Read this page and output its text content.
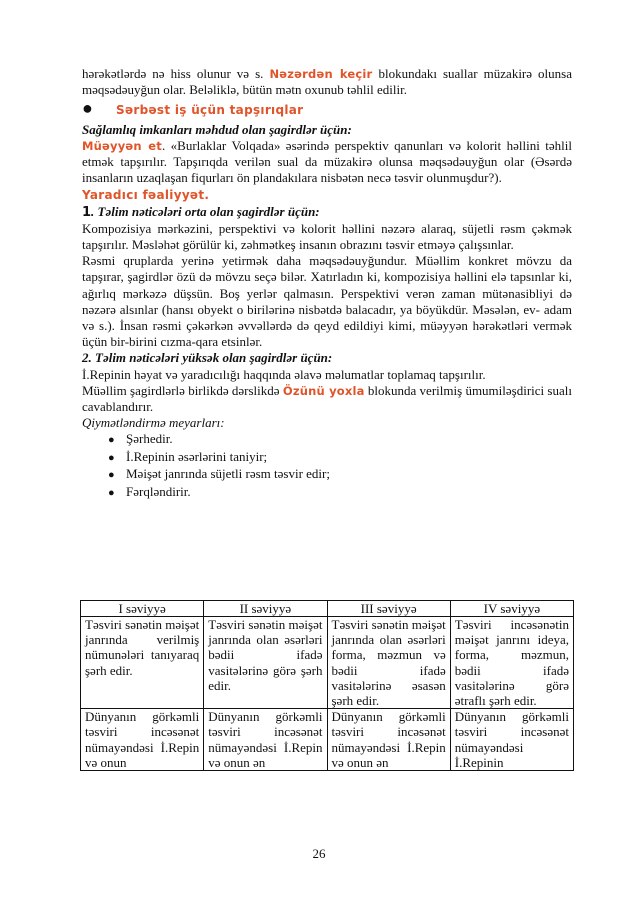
hərəkətlərdə nə hiss olunur və s. Nəzərdən keçir blokundakı suallar müzakirə olunsa məqsədəuyğun olar. Beləliklə, bütün mətn oxunub təhlil edilir.

●	Sərbəst iş üçün tapşırıqlar

Sağlamlıq imkanları məhdud olan şagirdlər üçün:

Müəyyən et. «Burlaklar Volqada» əsərində perspektiv qanunları və kolorit həllini təhlil etmək tapşırılır. Tapşırıqda verilən sual da müzakirə olunsa məqsədəuyğun olar (Əsərdə insanların uzaqlaşan fiqurları ön plandakılara nisbətən necə təsvir olunmuşdur?).

Yaradıcı fəaliyyət.

1. Təlim nəticələri orta olan şagirdlər üçün:

Kompozisiya mərkəzini, perspektivi və kolorit həllini nəzərə alaraq, süjetli rəsm çəkmək tapşırılır. Məsləhət görülür ki, zəhmətkeş insanın obrazını təsvir etməyə çalışsınlar.

Rəsmi qruplarda yerinə yetirmək daha məqsədəuyğundur. Müəllim konkret mövzu da tapşırar, şagirdlər özü də mövzu seçə bilər. Xatırladın ki, kompozisiya həllini elə tapsınlar ki, ağırlıq mərkəzə düşsün. Boş yerlər qalmasın. Perspektivi verən zaman mütənasibliyi də nəzərə alsınlar (hansı obyekt o birilərinə nisbətdə balacadır, ya böyükdür. Məsələn, ev- adam və s.). İnsan rəsmi çəkərkən əvvəllərdə də qeyd edildiyi kimi, müəyyən hərəkətləri vermək üçün bir-birini cızma-qara etsinlər.

2. Təlim nəticələri yüksək olan şagirdlər üçün:

İ.Repinin həyat və yaradıcılığı haqqında əlavə məlumatlar toplamaq tapşırılır.

Müəllim şagirdlərlə birlikdə dərslikdə Özünü yoxla blokunda verilmiş ümumiləşdirici sualı cavablandırır.

Qiymətləndirmə meyarları:

● Şərhedir.
● İ.Repinin əsərlərini taniyir;
● Məişət janrında süjetli rəsm təsvir edir;
● Fərqləndirir.
I səviyyə	II səviyyə	III səviyyə	IV səviyyə
Təsviri sənətin məişət janrında verilmiş nümunələri tanıyaraq şərh edir.	Təsviri sənətin məişət janrında olan əsərləri bədii ifadə vasitələrinə görə şərh edir.	Təsviri sənətin məişət janrında olan əsərləri forma, məzmun və bədii ifadə vasitələrinə əsasən şərh edir.	Təsviri incəsənətin məişət janrını ideya, forma, məzmun, bədii ifadə vasitələrinə görə ətraflı şərh edir.
Dünyanın görkəmli təsviri incəsənət nümayəndəsi İ.Repin və onun	Dünyanın görkəmli təsviri incəsənət nümayəndəsi İ.Repin və onun ən	Dünyanın görkəmli təsviri incəsənət nümayəndəsi İ.Repin və onun ən	Dünyanın görkəmli təsviri incəsənət nümayəndəsi İ.Repinin
26
